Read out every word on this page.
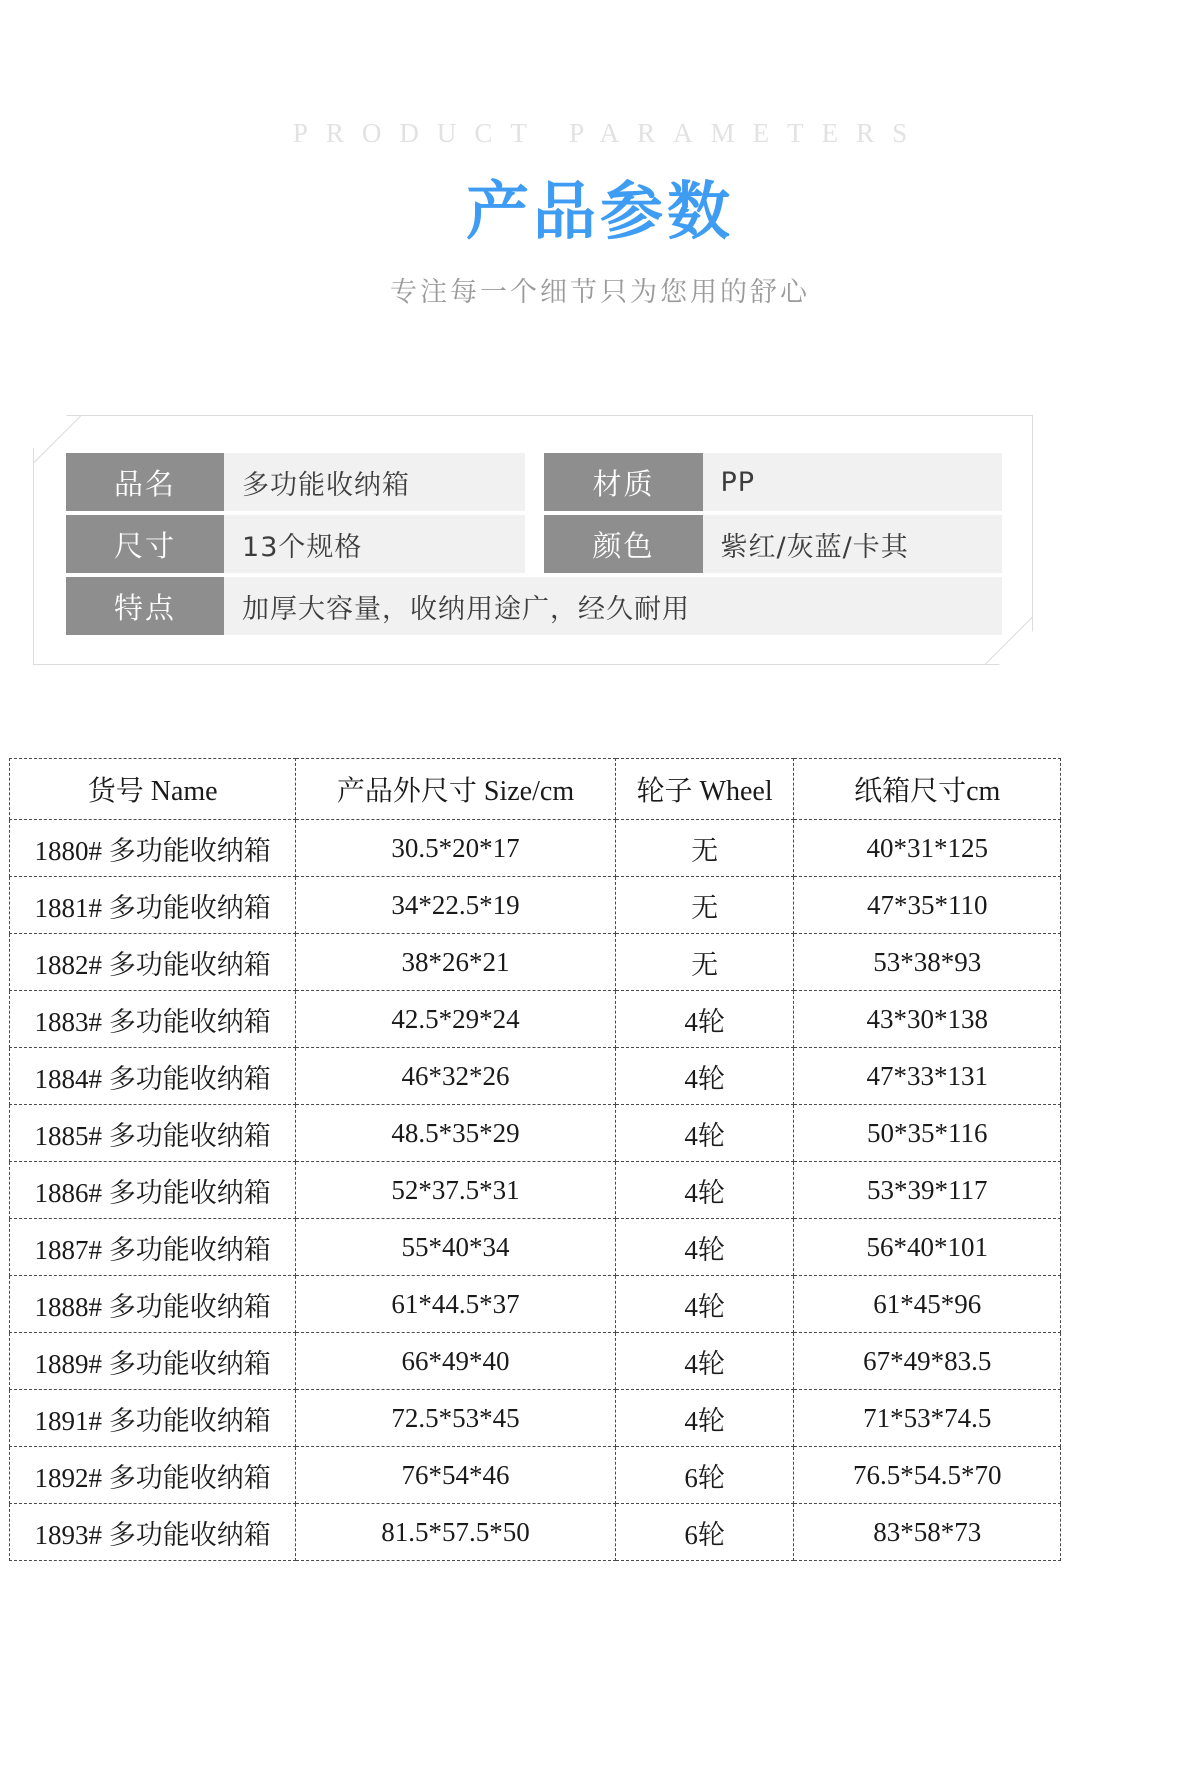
PRODUCT PARAMETERS
产品参数
专注每一个细节只为您用的舒心
品名	多功能收纳箱		材质	PP
尺寸	13个规格		颜色	紫红/灰蓝/卡其
特点	加厚大容量，收纳用途广，经久耐用			
货号 Name	产品外尺寸 Size/cm	轮子 Wheel	纸箱尺寸cm
1880# 多功能收纳箱	30.5*20*17	无	40*31*125
1881# 多功能收纳箱	34*22.5*19	无	47*35*110
1882# 多功能收纳箱	38*26*21	无	53*38*93
1883# 多功能收纳箱	42.5*29*24	4轮	43*30*138
1884# 多功能收纳箱	46*32*26	4轮	47*33*131
1885# 多功能收纳箱	48.5*35*29	4轮	50*35*116
1886# 多功能收纳箱	52*37.5*31	4轮	53*39*117
1887# 多功能收纳箱	55*40*34	4轮	56*40*101
1888# 多功能收纳箱	61*44.5*37	4轮	61*45*96
1889# 多功能收纳箱	66*49*40	4轮	67*49*83.5
1891# 多功能收纳箱	72.5*53*45	4轮	71*53*74.5
1892# 多功能收纳箱	76*54*46	6轮	76.5*54.5*70
1893# 多功能收纳箱	81.5*57.5*50	6轮	83*58*73
